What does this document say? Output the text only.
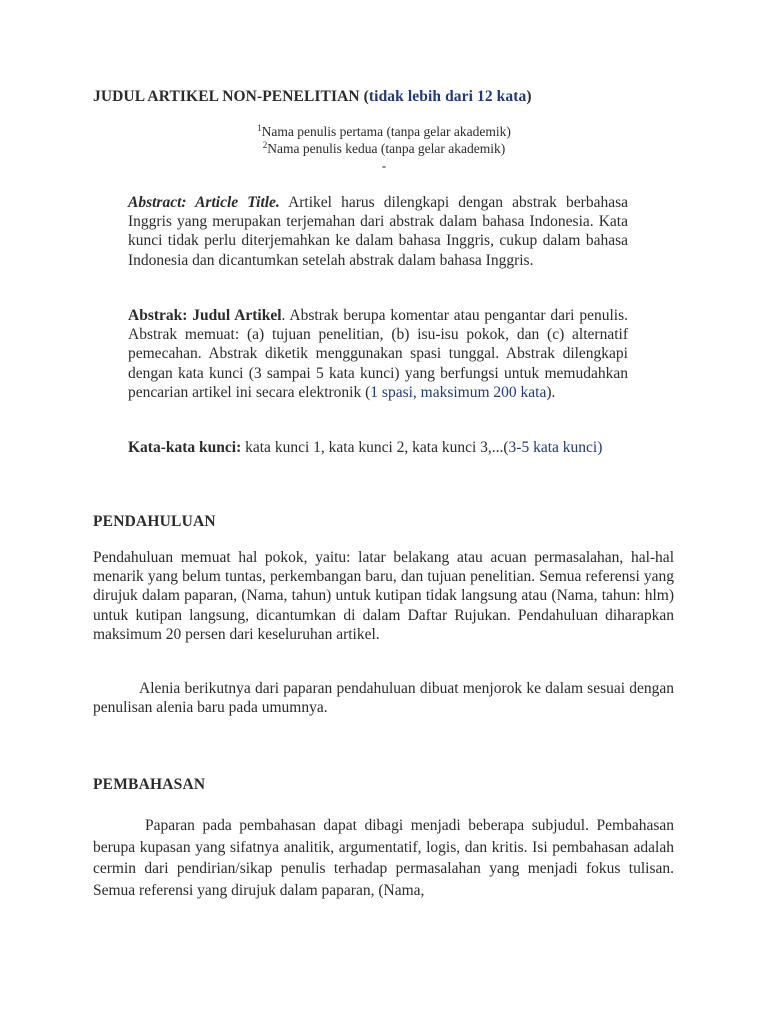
JUDUL ARTIKEL NON-PENELITIAN (tidak lebih dari 12 kata)
$^1$Nama penulis pertama (tanpa gelar akademik)
$^2$Nama penulis kedua (tanpa gelar akademik)
-
Abstract: Article Title. Artikel harus dilengkapi dengan abstrak berbahasa Inggris yang merupakan terjemahan dari abstrak dalam bahasa Indonesia. Kata kunci tidak perlu diterjemahkan ke dalam bahasa Inggris, cukup dalam bahasa Indonesia dan dicantumkan setelah abstrak dalam bahasa Inggris.
Abstrak: Judul Artikel. Abstrak berupa komentar atau pengantar dari penulis. Abstrak memuat: (a) tujuan penelitian, (b) isu-isu pokok, dan (c) alternatif pemecahan. Abstrak diketik menggunakan spasi tunggal. Abstrak dilengkapi dengan kata kunci (3 sampai 5 kata kunci) yang berfungsi untuk memudahkan pencarian artikel ini secara elektronik (1 spasi, maksimum 200 kata).
Kata-kata kunci: kata kunci 1, kata kunci 2, kata kunci 3,...(3-5 kata kunci)
PENDAHULUAN
Pendahuluan memuat hal pokok, yaitu: latar belakang atau acuan permasalahan, hal-hal menarik yang belum tuntas, perkembangan baru, dan tujuan penelitian. Semua referensi yang dirujuk dalam paparan, (Nama, tahun) untuk kutipan tidak langsung atau (Nama, tahun: hlm) untuk kutipan langsung, dicantumkan di dalam Daftar Rujukan. Pendahuluan diharapkan maksimum 20 persen dari keseluruhan artikel.
Alenia berikutnya dari paparan pendahuluan dibuat menjorok ke dalam sesuai dengan penulisan alenia baru pada umumnya.
PEMBAHASAN
Paparan pada pembahasan dapat dibagi menjadi beberapa subjudul. Pembahasan berupa kupasan yang sifatnya analitik, argumentatif, logis, dan kritis. Isi pembahasan adalah cermin dari pendirian/sikap penulis terhadap permasalahan yang menjadi fokus tulisan. Semua referensi yang dirujuk dalam paparan, (Nama,
